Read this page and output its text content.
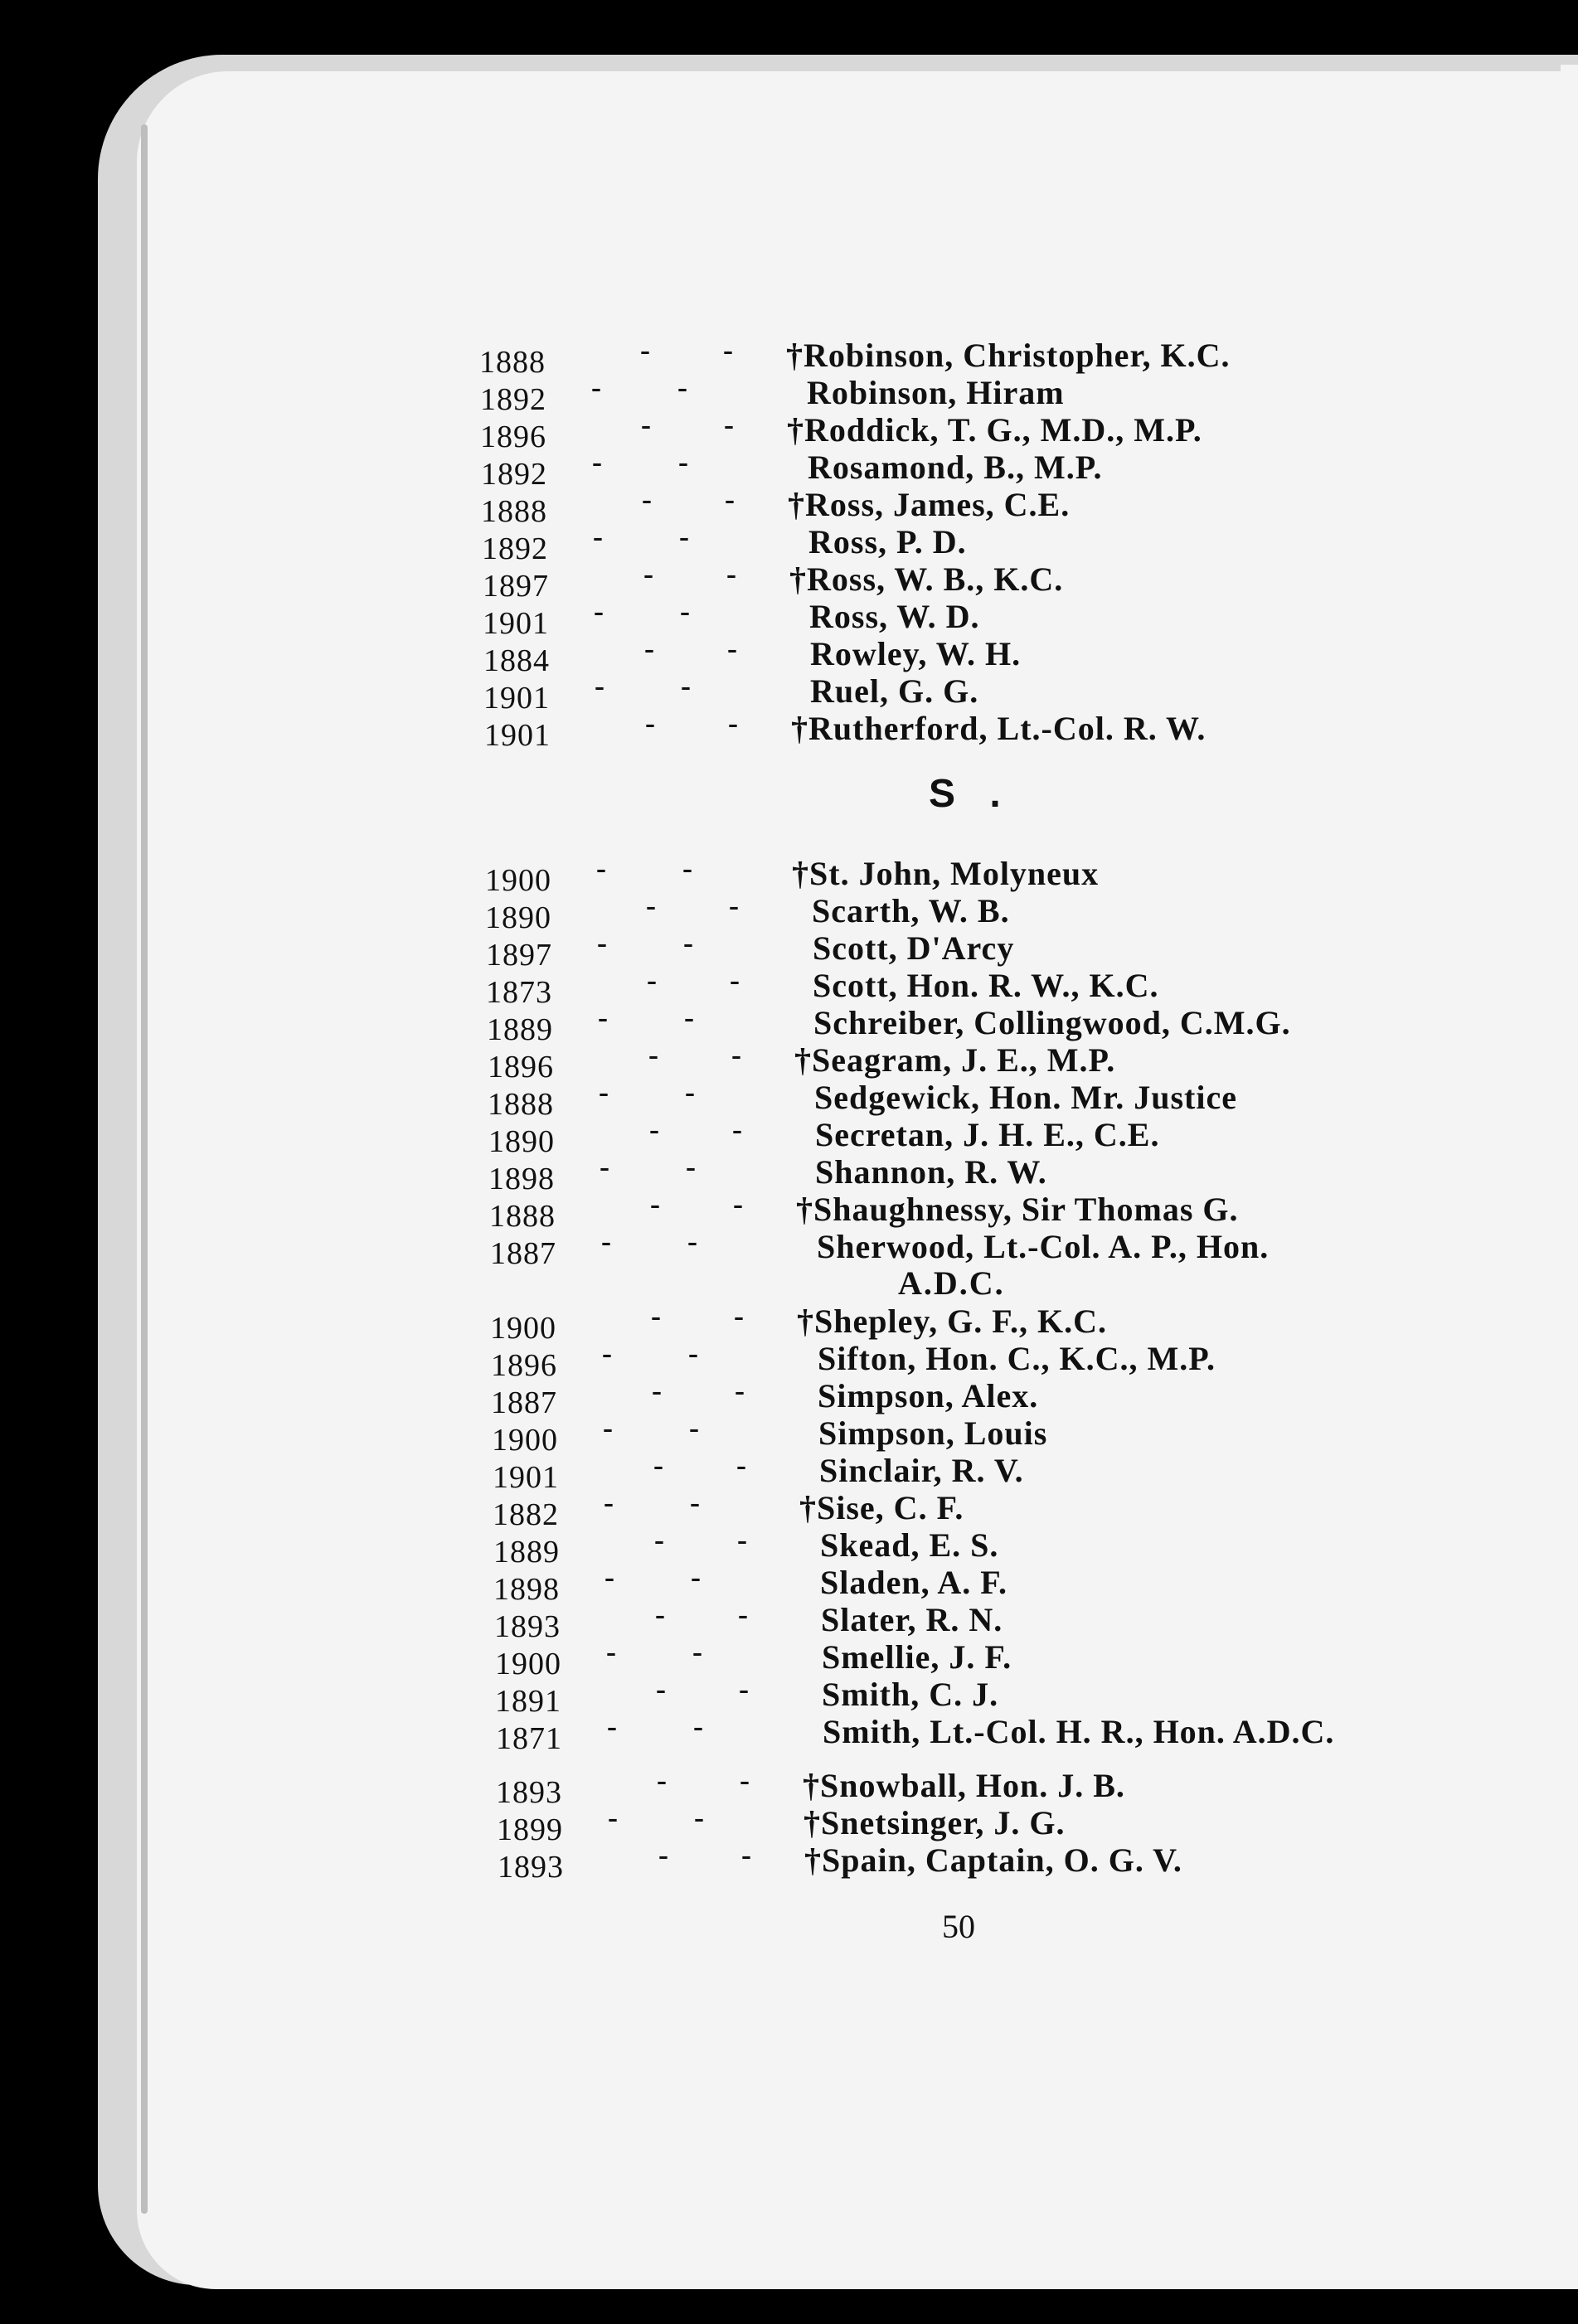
1888	- - †Robinson, Christopher, K.C.
1892	-	-	Robinson, Hiram
1896	- - †Roddick, T. G., M.D., M.P.
1892	-	-	Rosamond, B., M.P.
1888	- - †Ross, James, C.E.
1892	-	-	Ross, P. D.
1897	- - †Ross, W. B., K.C.
1901	-	-	Ross, W. D.
1884	- - Rowley, W. H.
1901	-	-	Ruel, G. G.
1901	- - †Rutherford, Lt.-Col. R. W.
1900	-	-	†St. John, Molyneux
1890	- - Scarth, W. B.
1897	-	-	Scott, D'Arcy
1873	- - Scott, Hon. R. W., K.C.
1889	-	-	Schreiber, Collingwood, C.M.G.
1896	- - †Seagram, J. E., M.P.
1888	-	-	Sedgewick, Hon. Mr. Justice
1890	- - Secretan, J. H. E., C.E.
1898	-	-	Shannon, R. W.
1888	- - †Shaughnessy, Sir Thomas G.
1887	-	-	Sherwood, Lt.-Col. A. P., Hon.
A.D.C.
1900	- - †Shepley, G. F., K.C.
1896	-	-	Sifton, Hon. C., K.C., M.P.
1887	- - Simpson, Alex.
1900	-	-	Simpson, Louis
1901	- - Sinclair, R. V.
1882	-	-	†Sise, C. F.
1889	- - Skead, E. S.
1898	-	-	Sladen, A. F.
1893	- - Slater, R. N.
1900	-	-	Smellie, J. F.
1891	- - Smith, C. J.
1871	-	-	Smith, Lt.-Col. H. R., Hon. A.D.C.
1893	- - †Snowball, Hon. J. B.
1899	-	-	†Snetsinger, J. G.
1893	- - †Spain, Captain, O. G. V.
S .
50
